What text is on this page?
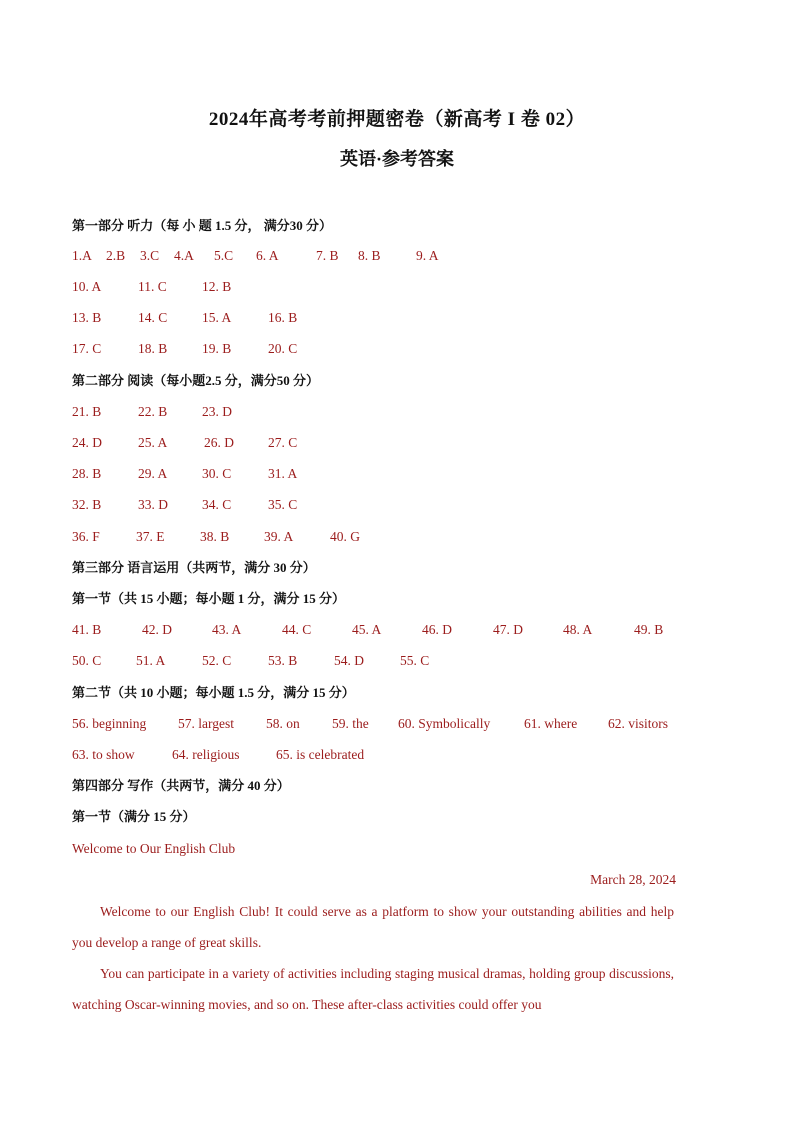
2024年高考考前押题密卷（新高考 I 卷 02）
英语·参考答案
第一部分 听力（每 小 题 1.5 分， 满分30 分）
1.A 2.B 3.C 4.A 5.C 6. A	7. B 8. B	9. A
10. A	11. C	12. B
13. B	14. C	15. A	16. B
17. C	18. B	19. B	20. C
第二部分 阅读（每小题2.5 分，满分50 分）
21. B	22. B	23. D
24. D	25. A	26. D	27. C
28. B	29. A	30. C	31. A
32. B	33. D	34. C	35. C
36. F	37. E	38. B	39. A	40. G
第三部分 语言运用（共两节，满分 30 分）
第一节（共 15 小题；每小题 1 分，满分 15 分）
41. B	42. D	43. A	44. C	45. A	46. D	47. D	48. A	49. B
50. C	51. A	52. C	53. B	54. D	55. C
第二节（共 10 小题；每小题 1.5 分，满分 15 分）
56. beginning 57. largest 58. on 59. the 60. Symbolically	61. where 62. visitors
63. to show	64. religious	65. is celebrated
第四部分 写作（共两节，满分 40 分）
第一节（满分 15 分）
Welcome to Our English Club
March 28, 2024
Welcome to our English Club! It could serve as a platform to show your outstanding abilities and help you develop a range of great skills.
You can participate in a variety of activities including staging musical dramas, holding group discussions, watching Oscar-winning movies, and so on. These after-class activities could offer you
